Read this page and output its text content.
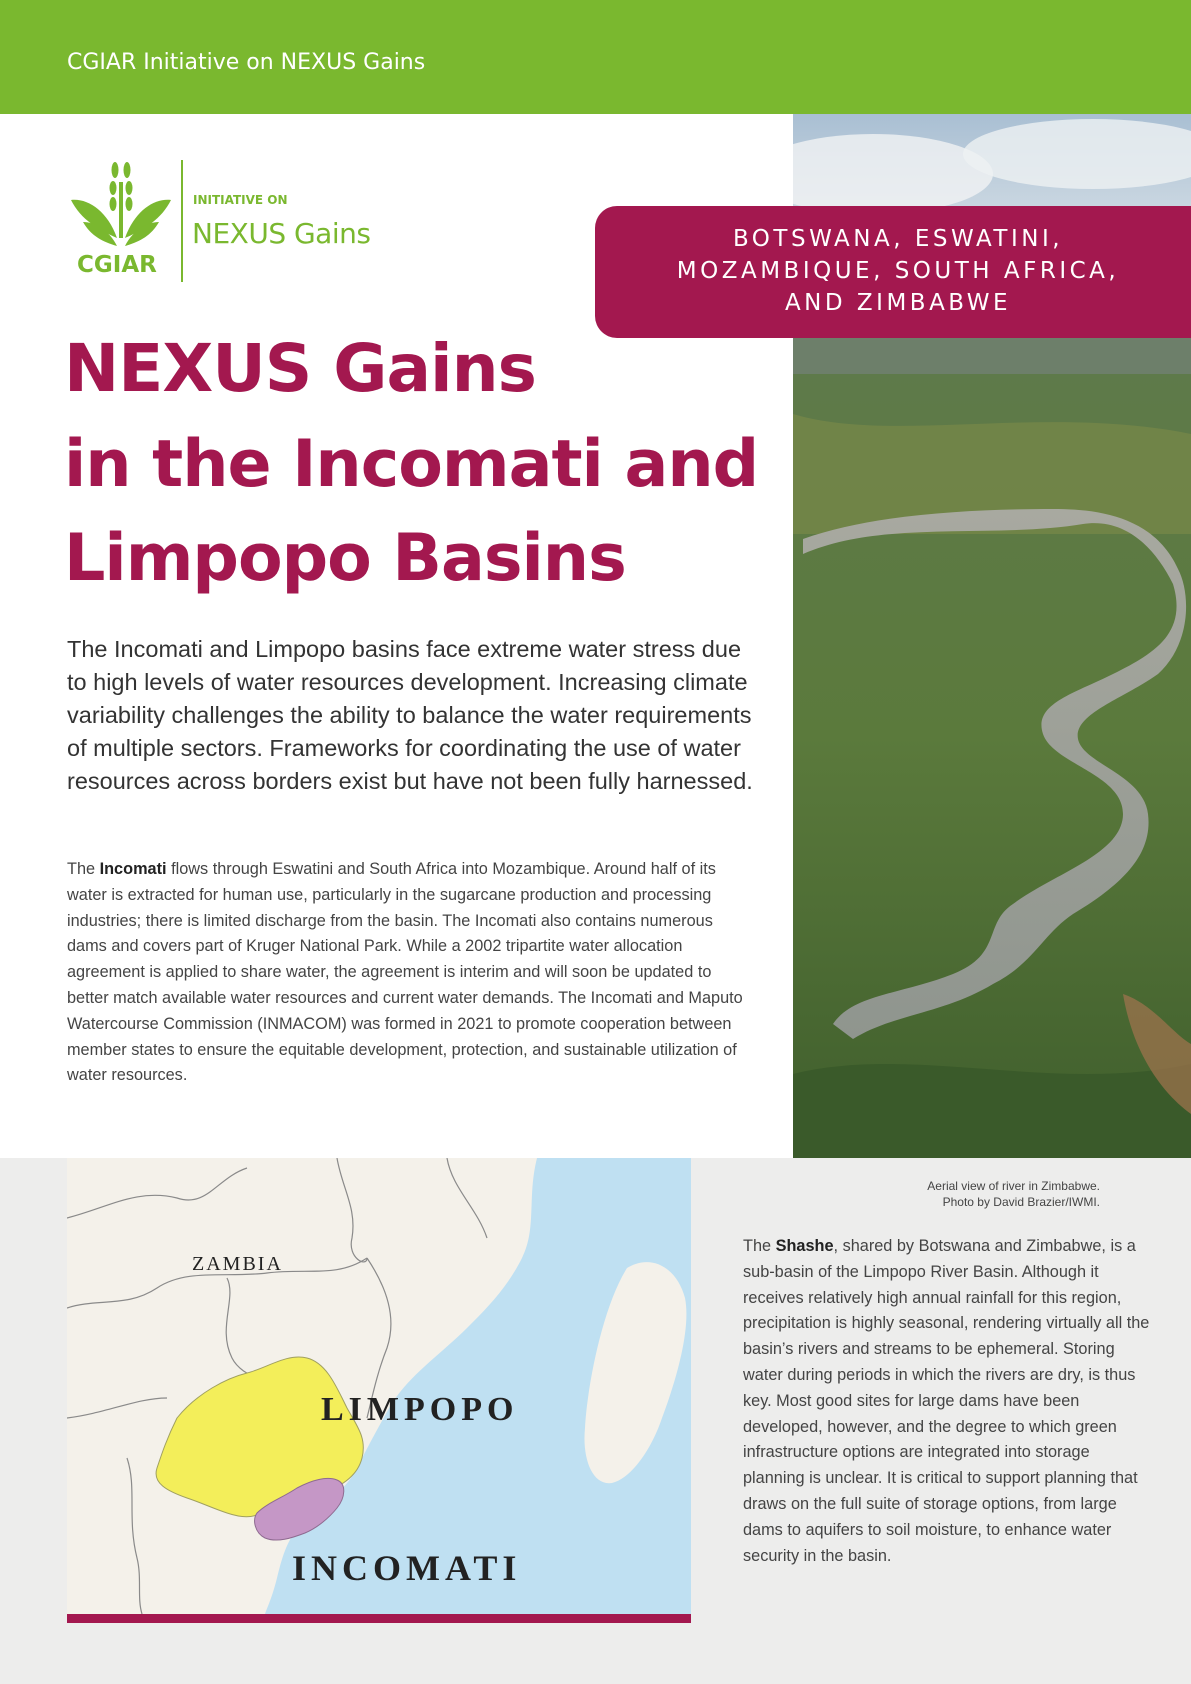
CGIAR Initiative on NEXUS Gains
CGIAR
INITIATIVE ON
NEXUS Gains	BOTSWANA, ESWATINI,
MOZAMBIQUE, SOUTH AFRICA,
AND ZIMBABWE
NEXUS Gains
in the Incomati and Limpopo Basins

The Incomati and Limpopo basins face extreme water stress due to high levels of water resources development. Increasing climate variability challenges the ability to balance the water requirements of multiple sectors. Frameworks for coordinating the use of water resources across borders exist but have not been fully harnessed.

The Incomati flows through Eswatini and South Africa into Mozambique. Around half of its water is extracted for human use, particularly in the sugarcane production and processing industries; there is limited discharge from the basin. The Incomati also contains numerous dams and covers part of Kruger National Park. While a 2002 tripartite water allocation agreement is applied to share water, the agreement is interim and will soon be updated to better match available water resources and current water demands. The Incomati and Maputo Watercourse Commission (INMACOM) was formed in 2021 to promote cooperation between member states to ensure the equitable development, protection, and sustainable utilization of water resources.

Aerial view of river in Zimbabwe.
Photo by David Brazier/IWMI.

The Shashe, shared by Botswana and Zimbabwe, is a sub-basin of the Limpopo River Basin. Although it receives relatively high annual rainfall for this region, precipitation is highly seasonal, rendering virtually all the basin’s rivers and streams to be ephemeral. Storing water during periods in which the rivers are dry, is thus key. Most good sites for large dams have been developed, however, and the degree to which green infrastructure options are integrated into storage planning is unclear. It is critical to support planning that draws on the full suite of storage options, from large dams to aquifers to soil moisture, to enhance water security in the basin.

ZAMBIA
LIMPOPO
INCOMATI
